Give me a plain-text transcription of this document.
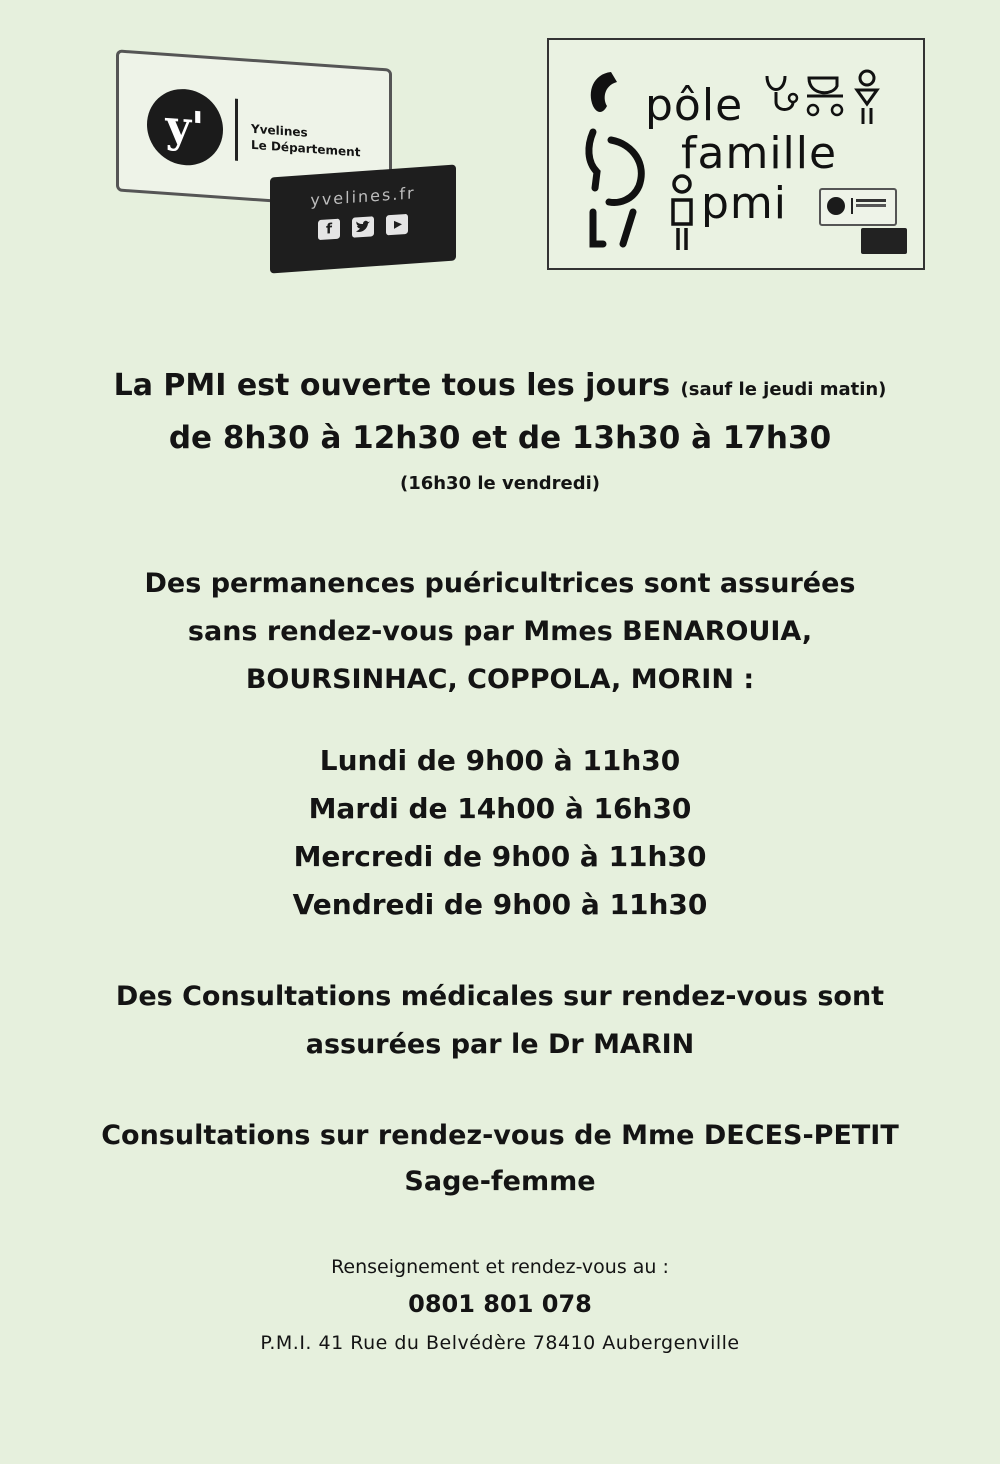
y'	Yvelines
Le Département
yvelines.fr
f
pôle
famille
pmi
La PMI est ouverte tous les jours (sauf le jeudi matin)
de 8h30 à 12h30 et de 13h30 à 17h30
(16h30 le vendredi)
Des permanences puéricultrices sont assurées
sans rendez-vous par Mmes BENAROUIA,
BOURSINHAC, COPPOLA, MORIN :
Lundi de 9h00 à 11h30
Mardi de 14h00 à 16h30
Mercredi de 9h00 à 11h30
Vendredi de 9h00 à 11h30
Des Consultations médicales sur rendez-vous sont
assurées par le Dr MARIN
Consultations sur rendez-vous de Mme DECES-PETIT
Sage-femme
Renseignement et rendez-vous au :
0801 801 078
P.M.I. 41 Rue du Belvédère 78410 Aubergenville
